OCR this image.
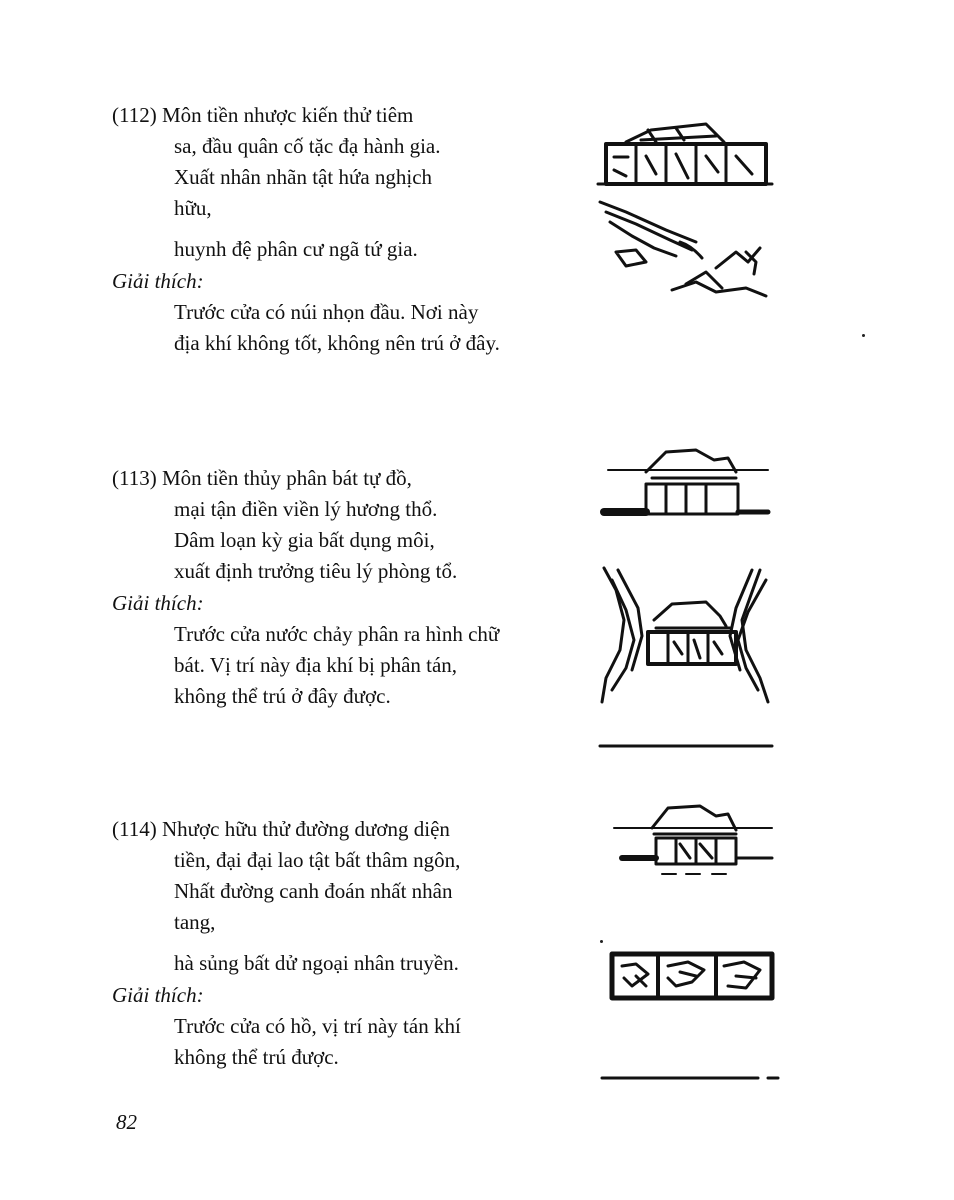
(112) Môn tiền nhược kiến thử tiêm
sa, đầu quân cố tặc đạ hành gia.
Xuất nhân nhãn tật hứa nghịch
hữu,
huynh đệ phân cư ngã tứ gia.
Giải thích:
Trước cửa có núi nhọn đầu. Nơi này
địa khí không tốt, không nên trú ở đây.
(113) Môn tiền thủy phân bát tự đồ,
mại tận điền viền lý hương thổ.
Dâm loạn kỳ gia bất dụng môi,
xuất định trưởng tiêu lý phòng tổ.
Giải thích:
Trước cửa nước chảy phân ra hình chữ
bát. Vị trí này địa khí bị phân tán,
không thể trú ở đây được.
(114) Nhược hữu thử đường dương diện
tiền, đại đại lao tật bất thâm ngôn,
Nhất đường canh đoán nhất nhân
tang,
hà sủng bất dử ngoại nhân truyền.
Giải thích:
Trước cửa có hồ, vị trí này tán khí
không thể trú được.
82
